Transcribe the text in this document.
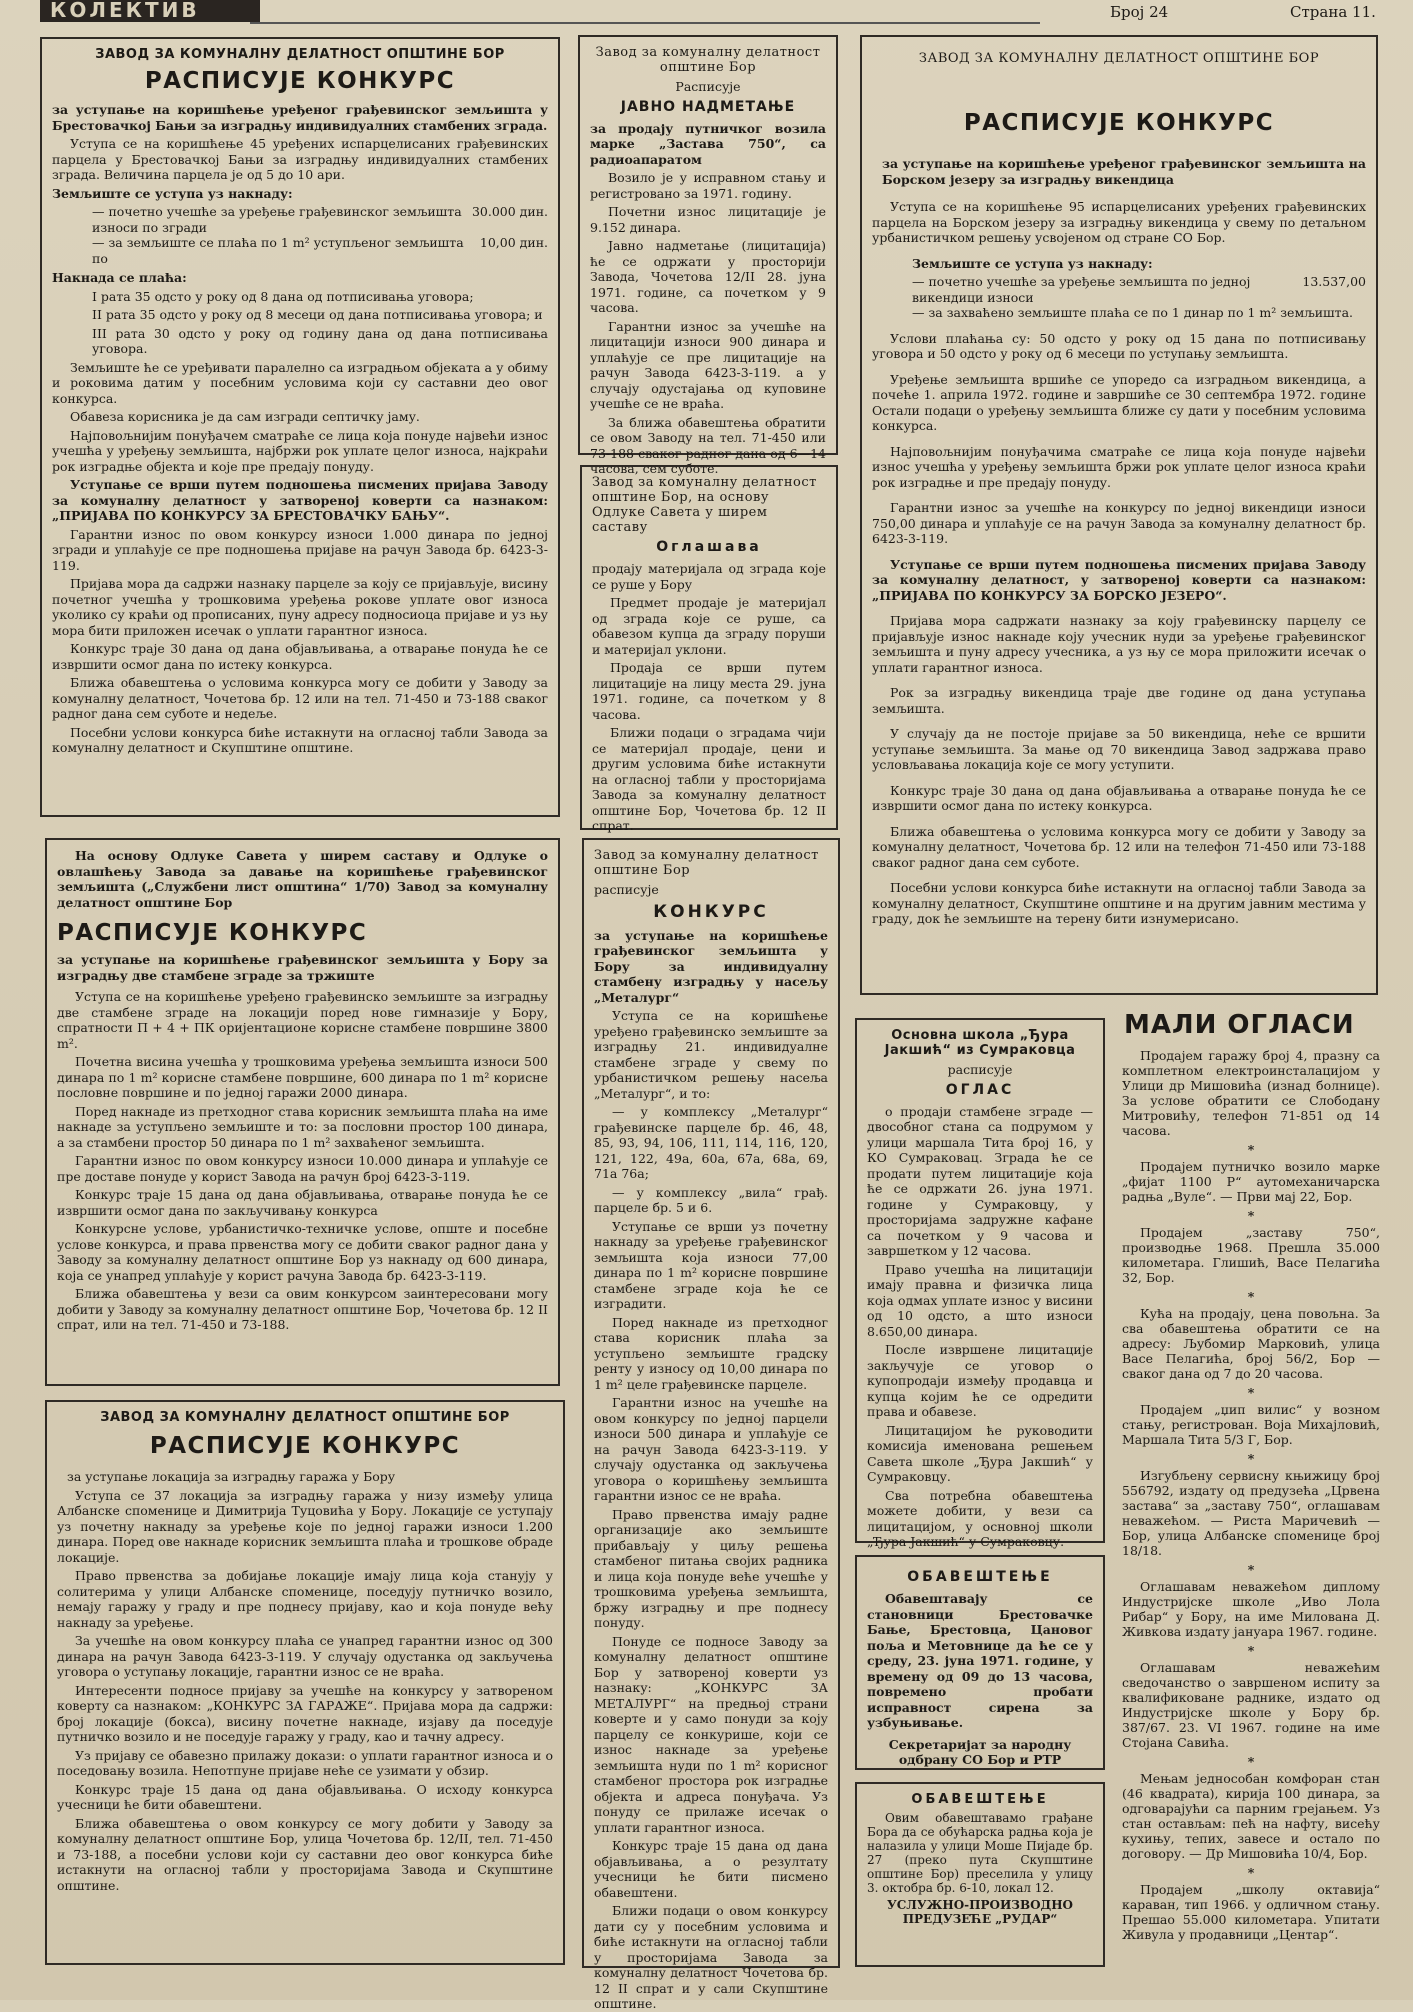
КОЛЕКТИВ	Број 24	Страна 11.
ЗАВОД ЗА КОМУНАЛНУ ДЕЛАТНОСТ ОПШТИНЕ БОР
РАСПИСУЈЕ КОНКУРС

за уступање на коришћење уређеног грађевинског земљишта у Брестовачкој Бањи за изградњу индивидуалних стамбених зграда.

Уступа се на коришћење 45 уређених испарцелисаних грађевинских парцела у Брестовачкој Бањи за изградњу индивидуалних стамбених зграда. Величина парцела је од 5 до 10 ари.

Земљиште се уступа уз накнаду:

— почетно учешће за уређење грађевинског земљишта износи по згради
30.000 дин.
— за земљиште се плаћа по 1 m² уступљеног земљишта по
10,00 дин.

Накнада се плаћа:

I рата 35 одсто у року од 8 дана од потписивања уговора;

II рата 35 одсто у року од 8 месеци од дана потписивања уговора; и

III рата 30 одсто у року од годину дана од дана потписивања уговора.

Земљиште ће се уређивати паралелно са изградњом објеката а у обиму и роковима датим у посебним условима који су саставни део овог конкурса.

Обавеза корисника је да сам изгради септичку јаму.

Најповољнијим понуђачем сматраће се лица која понуде највећи износ учешћа у уређењу земљишта, најбржи рок уплате целог износа, најкраћи рок изградње објекта и које пре предају понуду.

Уступање се врши путем подношења писмених пријава Заводу за комуналну делатност у затвореној коверти са назнаком: „ПРИЈАВА ПО КОНКУРСУ ЗА БРЕСТОВАЧКУ БАЊУ“.

Гарантни износ по овом конкурсу износи 1.000 динара по једној згради и уплаћује се пре подношења пријаве на рачун Завода бр. 6423-3-119.

Пријава мора да садржи назнаку парцеле за коју се пријављује, висину почетног учешћа у трошковима уређења рокове уплате овог износа уколико су краћи од прописаних, пуну адресу подносиоца пријаве и уз њу мора бити приложен исечак о уплати гарантног износа.

Конкурс траје 30 дана од дана објављивања, а отварање понуда ће се извршити осмог дана по истеку конкурса.

Ближа обавештења о условима конкурса могу се добити у Заводу за комуналну делатност, Чочетова бр. 12 или на тел. 71-450 и 73-188 сваког радног дана сем суботе и недеље.

Посебни услови конкурса биће истакнути на огласној табли Завода за комуналну делатност и Скупштине општине.

Завод за комуналну делатност општине Бор
Расписује
ЈАВНО НАДМЕТАЊЕ

за продају путничког возила марке „Застава 750“, са радиоапаратом

Возило је у исправном стању и регистровано за 1971. годину.

Почетни износ лицитације је 9.152 динара.

Јавно надметање (лицитација) ће се одржати у просторији Завода, Чочетова 12/II 28. јуна 1971. године, са почетком у 9 часова.

Гарантни износ за учешће на лицитацији износи 900 динара и уплаћује се пре лицитације на рачун Завода 6423-3-119. а у случају одустајања од куповине учешће се не враћа.

За ближа обавештења обратити се овом Заводу на тел. 71-450 или 73-188 сваког радног дана од 6—14 часова, сем суботе.

Завод за комуналну делатност општине Бор, на основу Одлуке Савета у ширем саставу
Оглашава

продају материјала од зграда које се руше у Бору

Предмет продаје је материјал од зграда које се руше, са обавезом купца да зграду поруши и материјал уклони.

Продаја се врши путем лицитације на лицу места 29. јуна 1971. године, са почетком у 8 часова.

Ближи подаци о зградама чији се материјал продаје, цени и другим условима биће истакнути на огласној табли у просторијама Завода за комуналну делатност општине Бор, Чочетова бр. 12 II спрат.

ЗАВОД ЗА КОМУНАЛНУ ДЕЛАТНОСТ ОПШТИНЕ БОР
РАСПИСУЈЕ КОНКУРС

за уступање на коришћење уређеног грађевинског земљишта на Борском језеру за изградњу викендица

Уступа се на коришћење 95 испарцелисаних уређених грађевинских парцела на Борском језеру за изградњу викендица у свему по детаљном урбанистичком решењу усвојеном од стране СО Бор.

Земљиште се уступа уз накнаду:

— почетно учешће за уређење земљишта по једној викендици износи
13.537,00
— за захваћено земљиште плаћа се по 1 динар по 1 m² земљишта.

Услови плаћања су: 50 одсто у року од 15 дана по потписивању уговора и 50 одсто у року од 6 месеци по уступању земљишта.

Уређење земљишта вршиће се упоредо са изградњом викендица, а почеће 1. априла 1972. године и завршиће се 30 септембра 1972. године Остали подаци о уређењу земљишта ближе су дати у посебним условима конкурса.

Најповољнијим понуђачима сматраће се лица која понуде највећи износ учешћа у уређењу земљишта бржи рок уплате целог износа краћи рок изградње и пре предају понуду.

Гарантни износ за учешће на конкурсу по једној викендици износи 750,00 динара и уплаћује се на рачун Завода за комуналну делатност бр. 6423-3-119.

Уступање се врши путем подношења писмених пријава Заводу за комуналну делатност, у затвореној коверти са назнаком: „ПРИЈАВА ПО КОНКУРСУ ЗА БОРСКО ЈЕЗЕРО“.

Пријава мора садржати назнаку за коју грађевинску парцелу се пријављује износ накнаде коју учесник нуди за уређење грађевинског земљишта и пуну адресу учесника, а уз њу се мора приложити исечак о уплати гарантног износа.

Рок за изградњу викендица траје две године од дана уступања земљишта.

У случају да не постоје пријаве за 50 викендица, неће се вршити уступање земљишта. За мање од 70 викендица Завод задржава право условљавања локација које се могу уступити.

Конкурс траје 30 дана од дана објављивања а отварање понуда ће се извршити осмог дана по истеку конкурса.

Ближа обавештења о условима конкурса могу се добити у Заводу за комуналну делатност, Чочетова бр. 12 или на телефон 71-450 или 73-188 сваког радног дана сем суботе.

Посебни услови конкурса биће истакнути на огласној табли Завода за комуналну делатност, Скупштине општине и на другим јавним местима у граду, док ће земљиште на терену бити изнумерисано.

На основу Одлуке Савета у ширем саставу и Одлуке о овлашћењу Завода за давање на коришћење грађевинског земљишта („Службени лист општина“ 1/70) Завод за комуналну делатност општине Бор

РАСПИСУЈЕ КОНКУРС

за уступање на коришћење грађевинског земљишта у Бору за изградњу две стамбене зграде за тржиште

Уступа се на коришћење уређено грађевинско земљиште за изградњу две стамбене зграде на локацији поред нове гимназије у Бору, спратности П + 4 + ПК оријентационе корисне стамбене површине 3800 m².

Почетна висина учешћа у трошковима уређења земљишта износи 500 динара по 1 m² корисне стамбене површине, 600 динара по 1 m² корисне пословне површине и по једној гаражи 2000 динара.

Поред накнаде из претходног става корисник земљишта плаћа на име накнаде за уступљено земљиште и то: за пословни простор 100 динара, а за стамбени простор 50 динара по 1 m² захваћеног земљишта.

Гарантни износ по овом конкурсу износи 10.000 динара и уплаћује се пре доставе понуде у корист Завода на рачун број 6423-3-119.

Конкурс траје 15 дана од дана објављивања, отварање понуда ће се извршити осмог дана по закључивању конкурса

Конкурсне услове, урбанистичко-техничке услове, опште и посебне услове конкурса, и права првенства могу се добити сваког радног дана у Заводу за комуналну делатност општине Бор уз накнаду од 600 динара, која се унапред уплаћује у корист рачуна Завода бр. 6423-3-119.

Ближа обавештења у вези са овим конкурсом заинтересовани могу добити у Заводу за комуналну делатност општине Бор, Чочетова бр. 12 II спрат, или на тел. 71-450 и 73-188.

Завод за комуналну делатност општине Бор
расписује
КОНКУРС

за уступање на коришћење грађевинског земљишта у Бору за индивидуалну стамбену изградњу у насељу „Металург“

Уступа се на коришћење уређено грађевинско земљиште за изградњу 21. индивидуалне стамбене зграде у свему по урбанистичком решењу насеља „Металург“, и то:

— у комплексу „Металург“ грађевинске парцеле бр. 46, 48, 85, 93, 94, 106, 111, 114, 116, 120, 121, 122, 49а, 60а, 67а, 68а, 69, 71а 76а;

— у комплексу „вила“ грађ. парцеле бр. 5 и 6.

Уступање се врши уз почетну накнаду за уређење грађевинског земљишта која износи 77,00 динара по 1 m² корисне површине стамбене зграде која ће се изградити.

Поред накнаде из претходног става корисник плаћа за уступљено земљиште градску ренту у износу од 10,00 динара по 1 m² целе грађевинске парцеле.

Гарантни износ на учешће на овом конкурсу по једној парцели износи 500 динара и уплаћује се на рачун Завода 6423-3-119. У случају одустанка од закључења уговора о коришћењу земљишта гарантни износ се не враћа.

Право првенства имају радне организације ако земљиште прибављају у циљу решења стамбеног питања својих радника и лица која понуде веће учешће у трошковима уређења земљишта, бржу изградњу и пре поднесу понуду.

Понуде се подносе Заводу за комуналну делатност општине Бор у затвореној коверти уз назнаку: „КОНКУРС ЗА МЕТАЛУРГ“ на предњој страни коверте и у само понуди за коју парцелу се конкурише, који се износ накнаде за уређење земљишта нуди по 1 m² корисног стамбеног простора рок изградње објекта и адреса понуђача. Уз понуду се прилаже исечак о уплати гарантног износа.

Конкурс траје 15 дана од дана објављивања, а о резултату учесници ће бити писмено обавештени.

Ближи подаци о овом конкурсу дати су у посебним условима и биће истакнути на огласној табли у просторијама Завода за комуналну делатност Чочетова бр. 12 II спрат и у сали Скупштине општине.

ЗАВОД ЗА КОМУНАЛНУ ДЕЛАТНОСТ ОПШТИНЕ БОР
РАСПИСУЈЕ КОНКУРС

за уступање локација за изградњу гаража у Бору

Уступа се 37 локација за изградњу гаража у низу између улица Албанске споменице и Димитрија Туцовића у Бору. Локације се уступају уз почетну накнаду за уређење које по једној гаражи износи 1.200 динара. Поред ове накнаде корисник земљишта плаћа и трошкове обраде локације.

Право првенства за добијање локације имају лица која станују у солитерима у улици Албанске споменице, поседују путничко возило, немају гаражу у граду и пре поднесу пријаву, као и која понуде већу накнаду за уређење.

За учешће на овом конкурсу плаћа се унапред гарантни износ од 300 динара на рачун Завода 6423-3-119. У случају одустанка од закључења уговора о уступању локације, гарантни износ се не враћа.

Интересенти подносе пријаву за учешће на конкурсу у затвореном коверту са назнаком: „КОНКУРС ЗА ГАРАЖЕ“. Пријава мора да садржи: број локације (бокса), висину почетне накнаде, изјаву да поседује путничко возило и не поседује гаражу у граду, као и тачну адресу.

Уз пријаву се обавезно прилажу докази: о уплати гарантног износа и о поседовању возила. Непотпуне пријаве неће се узимати у обзир.

Конкурс траје 15 дана од дана објављивања. О исходу конкурса учесници ће бити обавештени.

Ближа обавештења о овом конкурсу се могу добити у Заводу за комуналну делатност општине Бор, улица Чочетова бр. 12/II, тел. 71-450 и 73-188, а посебни услови који су саставни део овог конкурса биће истакнути на огласној табли у просторијама Завода и Скупштине општине.

Основна школа „Ђура Јакшић“ из Сумраковца
расписује
ОГЛАС

о продаји стамбене зграде — двособног стана са подрумом у улици маршала Тита број 16, у КО Сумраковац. Зграда ће се продати путем лицитације која ће се одржати 26. јуна 1971. године у Сумраковцу, у просторијама задружне кафане са почетком у 9 часова и завршетком у 12 часова.

Право учешћа на лицитацији имају правна и физичка лица која одмах уплате износ у висини од 10 одсто, а што износи 8.650,00 динара.

После извршене лицитације закључује се уговор о купопродаји између продавца и купца којим ће се одредити права и обавезе.

Лицитацијом ће руководити комисија именована решењем Савета школе „Ђура Јакшић“ у Сумраковцу.

Сва потребна обавештења можете добити, у вези са лицитацијом, у основној школи „Ђура Јакшић“ у Сумраковцу.

ОБАВЕШТЕЊЕ

Обавештавају се становници Брестовачке Бање, Брестовца, Цановог поља и Метовнице да ће се у среду, 23. јуна 1971. године, у времену од 09 до 13 часова, повремено пробати исправност сирена за узбуњивање.

Секретаријат за народну одбрану СО Бор и РТР

ОБАВЕШТЕЊЕ

Овим обавештавамо грађане Бора да се обућарска радња која је налазила у улици Моше Пијаде бр. 27 (преко пута Скупштине општине Бор) преселила у улицу 3. октобра бр. 6-10, локал 12.

УСЛУЖНО-ПРОИЗВОДНО ПРЕДУЗЕЋЕ „РУДАР“

МАЛИ ОГЛАСИ

Продајем гаражу број 4, празну са комплетном електроинсталацијом у Улици др Мишовића (изнад болнице). За услове обратити се Слободану Митровићу, телефон 71-851 од 14 часова.

*

Продајем путничко возило марке „фијат 1100 Р“ аутомеханичарска радња „Вуле“. — Први мај 22, Бор.

*

Продајем „заставу 750“, производње 1968. Прешла 35.000 километара. Глишић, Васе Пелагића 32, Бор.

*

Кућа на продају, цена повољна. За сва обавештења обратити се на адресу: Љубомир Марковић, улица Васе Пелагића, број 56/2, Бор — сваког дана од 7 до 20 часова.

*

Продајем „џип вилис“ у возном стању, регистрован. Воја Михајловић, Маршала Тита 5/3 Г, Бор.

*

Изгубљену сервисну књижицу број 556792, издату од предузећа „Црвена застава“ за „заставу 750“, оглашавам неважећом. — Риста Маричевић — Бор, улица Албанске споменице број 18/18.

*

Оглашавам неважећом диплому Индустријске школе „Иво Лола Рибар“ у Бору, на име Милована Д. Живкова издату јануара 1967. године.

*

Оглашавам неважећим сведочанство о завршеном испиту за квалификоване раднике, издато од Индустријске школе у Бору бр. 387/67. 23. VI 1967. године на име Стојана Савића.

*

Мењам једнособан комфоран стан (46 квадрата), кирија 100 динара, за одговарајући са парним грејањем. Уз стан остављам: пећ на нафту, висећу кухињу, тепих, завесе и остало по договору. — Др Мишовића 10/4, Бор.

*

Продајем „школу октавија“ караван, тип 1966. у одличном стању. Прешао 55.000 километара. Упитати Живула у продавници „Центар“.
